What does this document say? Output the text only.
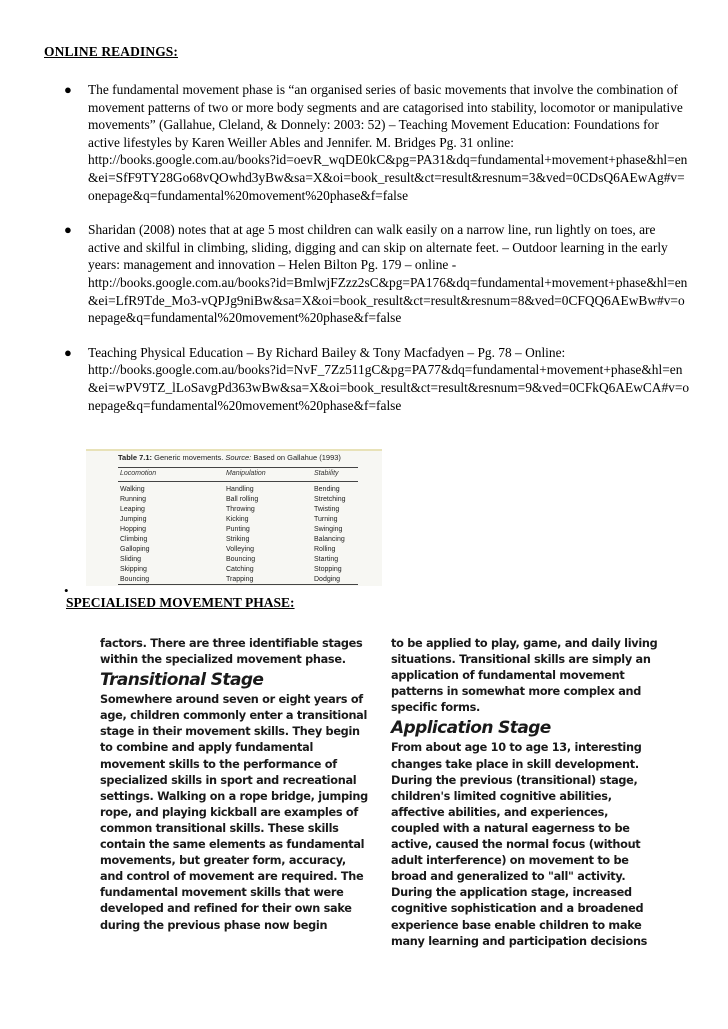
ONLINE READINGS:
● The fundamental movement phase is “an organised series of basic movements that involve the combination of movement patterns of two or more body segments and are catagorised into stability, locomotor or manipulative movements” (Gallahue, Cleland, & Donnely: 2003: 52) – Teaching Movement Education: Foundations for active lifestyles by Karen Weiller Ables and Jennifer. M. Bridges Pg. 31 online:

http://books.google.com.au/books?id=oevR_wqDE0kC&pg=PA31&dq=fundamental+movement+phase&hl=en&ei=SfF9TY28Go68vQOwhd3yBw&sa=X&oi=book_result&ct=result&resnum=3&ved=0CDsQ6AEwAg#v=onepage&q=fundamental%20movement%20phase&f=false

● Sharidan (2008) notes that at age 5 most children can walk easily on a narrow line, run lightly on toes, are active and skilful in climbing, sliding, digging and can skip on alternate feet. – Outdoor learning in the early years: management and innovation – Helen Bilton Pg. 179 – online -

http://books.google.com.au/books?id=BmlwjFZzz2sC&pg=PA176&dq=fundamental+movement+phase&hl=en&ei=LfR9Tde_Mo3-vQPJg9niBw&sa=X&oi=book_result&ct=result&resnum=8&ved=0CFQQ6AEwBw#v=onepage&q=fundamental%20movement%20phase&f=false

● Teaching Physical Education – By Richard Bailey & Tony Macfadyen – Pg. 78 – Online:

http://books.google.com.au/books?id=NvF_7Zz511gC&pg=PA77&dq=fundamental+movement+phase&hl=en&ei=wPV9TZ_lLoSavgPd363wBw&sa=X&oi=book_result&ct=result&resnum=9&ved=0CFkQ6AEwCA#v=onepage&q=fundamental%20movement%20phase&f=false

Table 7.1: Generic movements. Source: Based on Gallahue (1993)
Locomotion	Manipulation	Stability
Walking
Running
Leaping
Jumping
Hopping
Climbing
Galloping
Sliding
Skipping
Bouncing
Handling
Ball rolling
Throwing
Kicking
Punting
Striking
Volleying
Bouncing
Catching
Trapping
Bending
Stretching
Twisting
Turning
Swinging
Balancing
Rolling
Starting
Stopping
Dodging
•
SPECIALISED MOVEMENT PHASE:

factors. There are three identifiable stages within the specialized movement phase.

Transitional Stage

Somewhere around seven or eight years of age, children commonly enter a transitional stage in their movement skills. They begin to combine and apply fundamental movement skills to the performance of specialized skills in sport and recreational settings. Walking on a rope bridge, jumping rope, and playing kickball are examples of common transitional skills. These skills contain the same elements as fundamental movements, but greater form, accuracy, and control of movement are required. The fundamental movement skills that were developed and refined for their own sake during the previous phase now begin

to be applied to play, game, and daily living situations. Transitional skills are simply an application of fundamental movement patterns in somewhat more complex and specific forms.

Application Stage

From about age 10 to age 13, interesting changes take place in skill development. During the previous (transitional) stage, children's limited cognitive abilities, affective abilities, and experiences, coupled with a natural eagerness to be active, caused the normal focus (without adult interference) on movement to be broad and generalized to "all" activity. During the application stage, increased cognitive sophistication and a broadened experience base enable children to make many learning and participation decisions
